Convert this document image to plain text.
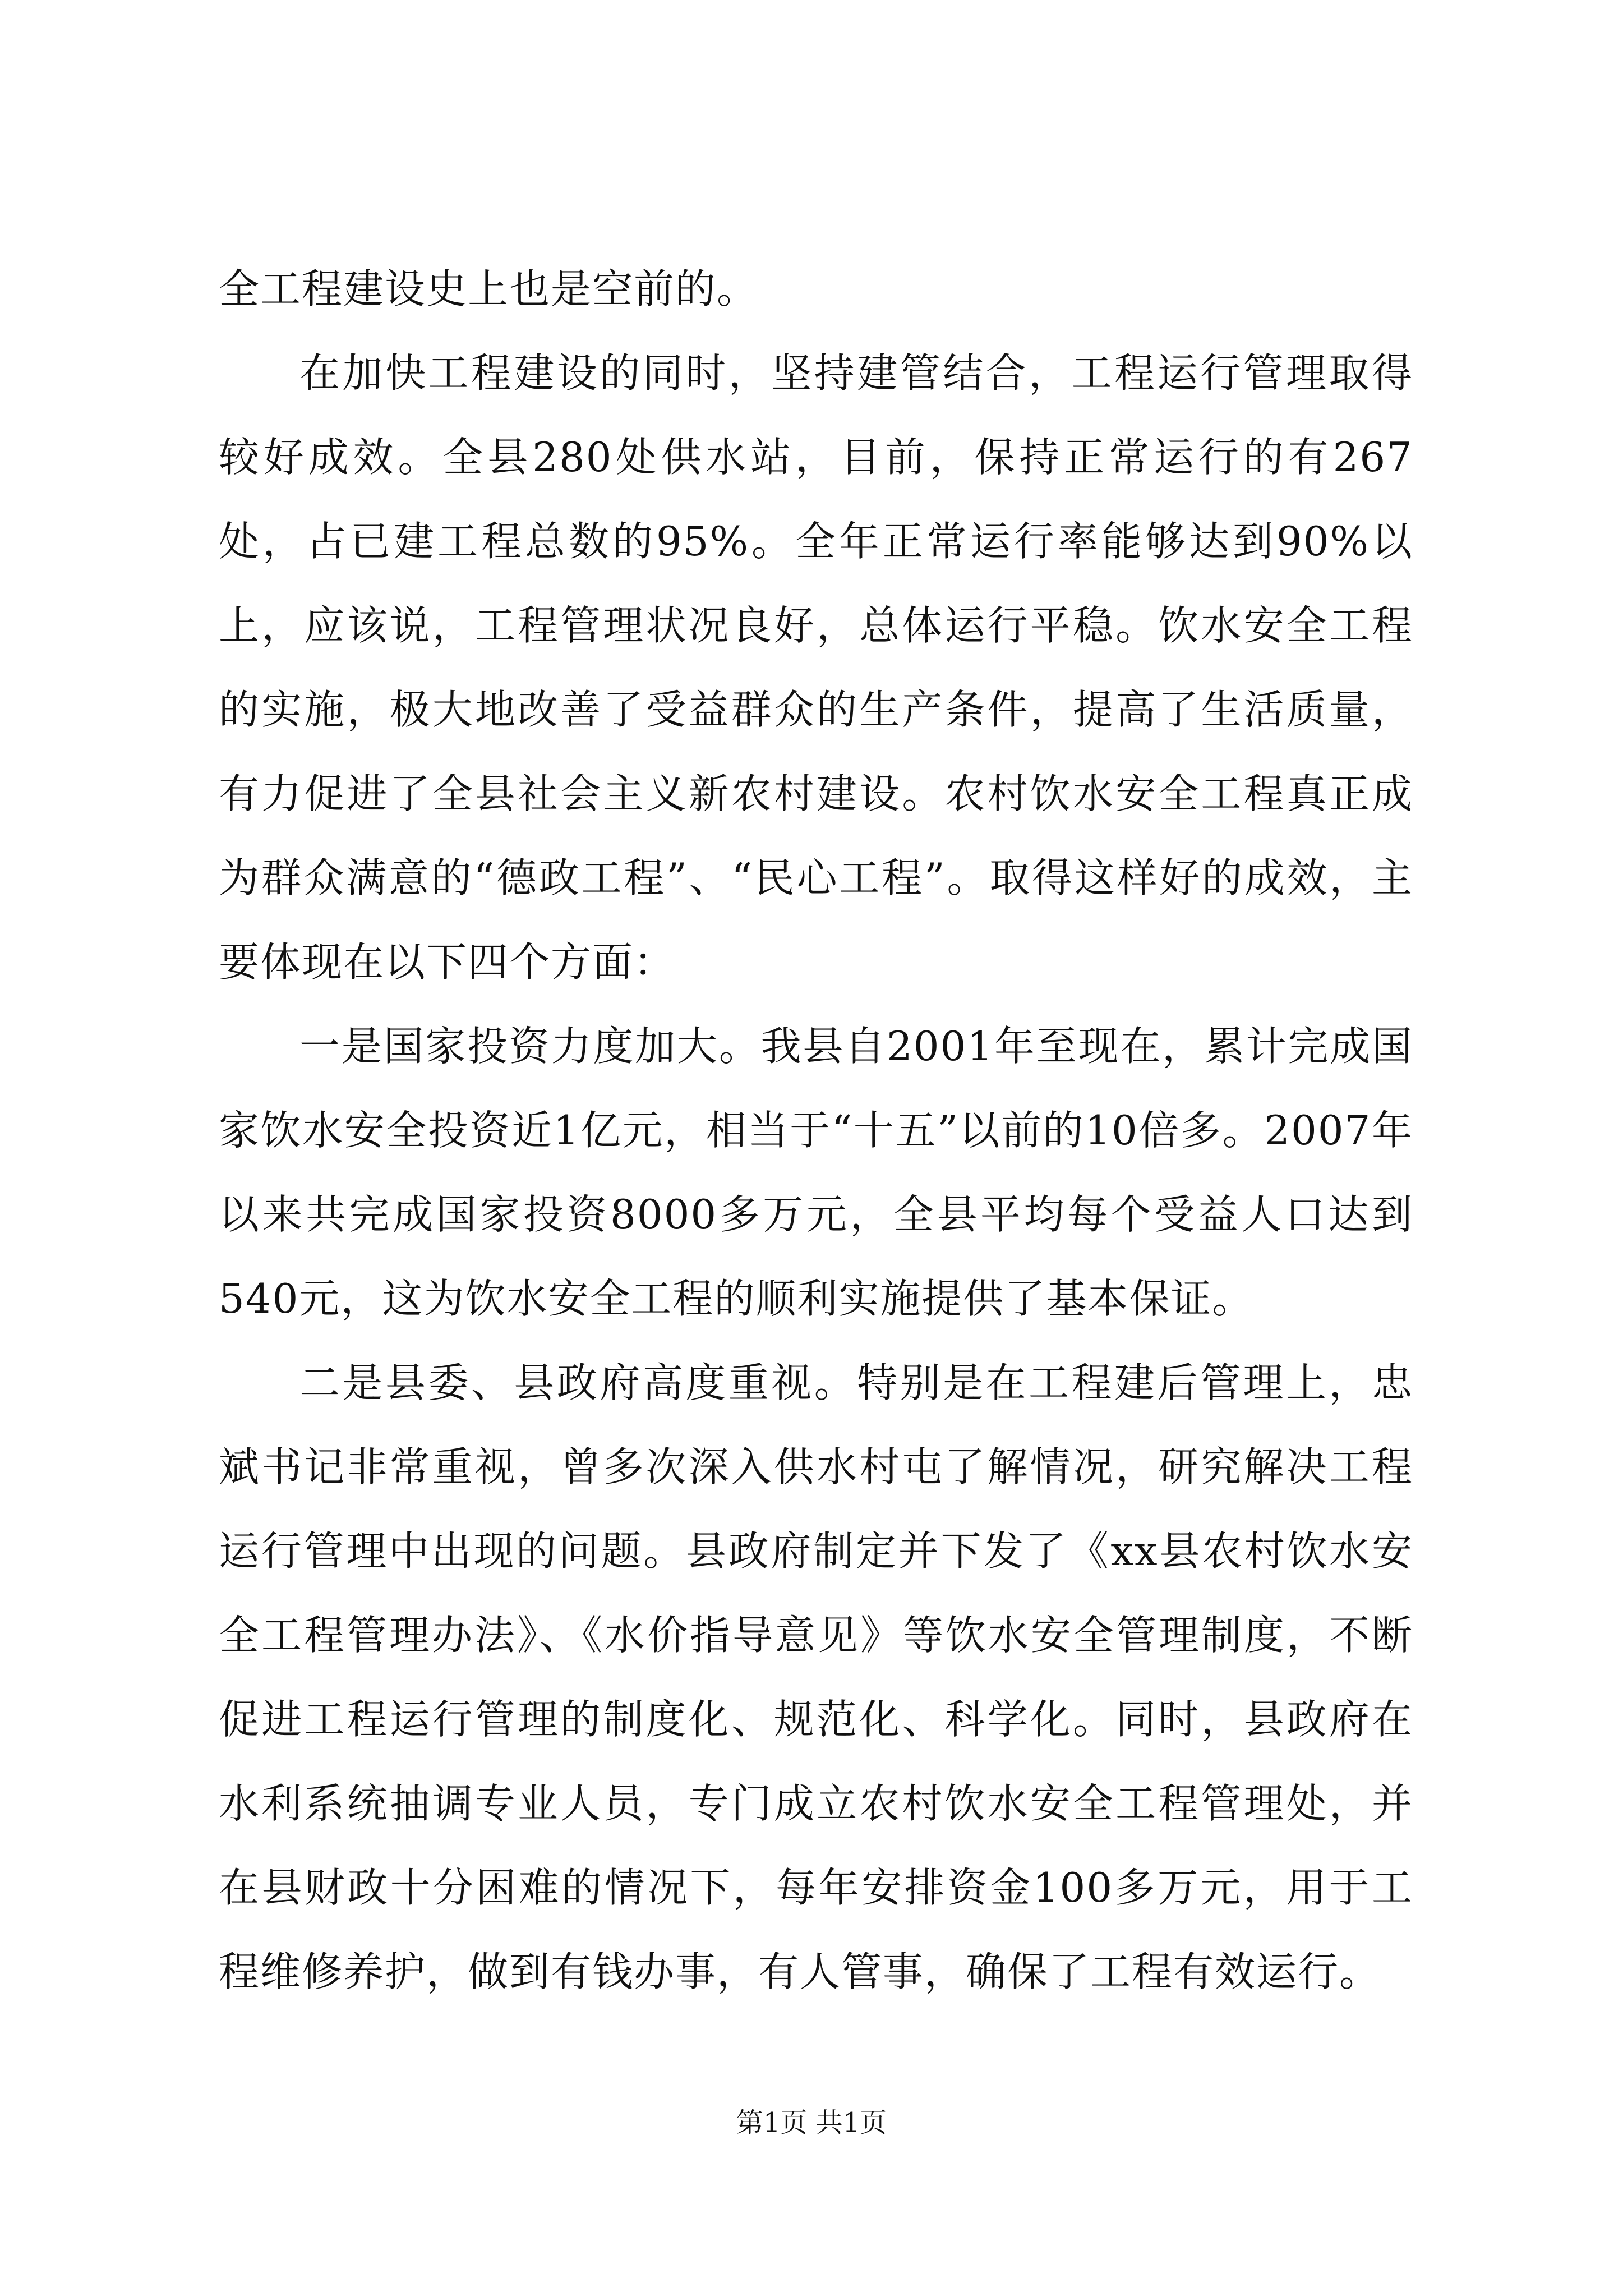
全工程建设史上也是空前的。

在加快工程建设的同时，坚持建管结合，工程运行管理取得较好成效。全县280处供水站，目前，保持正常运行的有267处，占已建工程总数的95%。全年正常运行率能够达到90%以上，应该说，工程管理状况良好，总体运行平稳。饮水安全工程的实施，极大地改善了受益群众的生产条件，提高了生活质量，有力促进了全县社会主义新农村建设。农村饮水安全工程真正成为群众满意的“德政工程”、“民心工程”。取得这样好的成效，主要体现在以下四个方面：

一是国家投资力度加大。我县自2001年至现在，累计完成国家饮水安全投资近1亿元，相当于“十五”以前的10倍多。2007年以来共完成国家投资8000多万元，全县平均每个受益人口达到540元，这为饮水安全工程的顺利实施提供了基本保证。

二是县委、县政府高度重视。特别是在工程建后管理上，忠斌书记非常重视，曾多次深入供水村屯了解情况，研究解决工程运行管理中出现的问题。县政府制定并下发了《xx县农村饮水安全工程管理办法》、《水价指导意见》等饮水安全管理制度，不断促进工程运行管理的制度化、规范化、科学化。同时，县政府在水利系统抽调专业人员，专门成立农村饮水安全工程管理处，并在县财政十分困难的情况下，每年安排资金100多万元，用于工程维修养护，做到有钱办事，有人管事，确保了工程有效运行。

第1页 共1页
